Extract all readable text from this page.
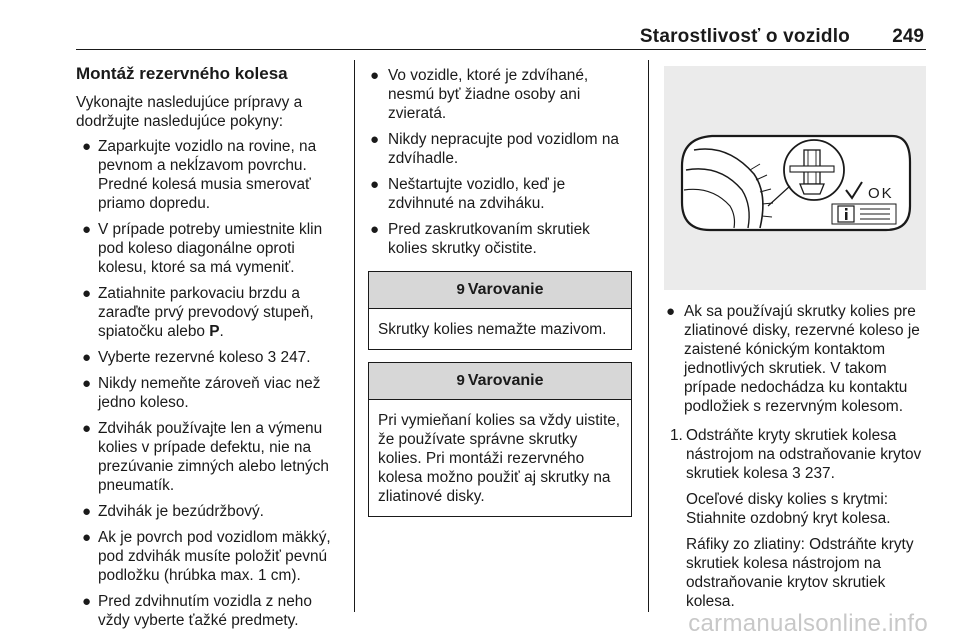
Starostlivosť o vozidlo 249
Montáž rezervného kolesa

Vykonajte nasledujúce prípravy a dodržujte nasledujúce pokyny:

● Zaparkujte vozidlo na rovine, na pevnom a nekĺzavom povrchu. Predné kolesá musia smerovať priamo dopredu.
● V prípade potreby umiestnite klin pod koleso diagonálne oproti kolesu, ktoré sa má vymeniť.
● Zatiahnite parkovaciu brzdu a zaraďte prvý prevodový stupeň, spiatočku alebo P.
● Vyberte rezervné koleso 3 247.
● Nikdy nemeňte zároveň viac než jedno koleso.
● Zdvihák používajte len a výmenu kolies v prípade defektu, nie na prezúvanie zimných alebo letných pneumatík.
● Zdvihák je bezúdržbový.
● Ak je povrch pod vozidlom mäkký, pod zdvihák musíte položiť pevnú podložku (hrúbka max. 1 cm).
● Pred zdvihnutím vozidla z neho vždy vyberte ťažké predmety.
● Vo vozidle, ktoré je zdvíhané, nesmú byť žiadne osoby ani zvieratá.
● Nikdy nepracujte pod vozidlom na zdvíhadle.
● Neštartujte vozidlo, keď je zdvihnuté na zdviháku.
● Pred zaskrutkovaním skrutiek kolies skrutky očistite.
9 Varovanie
Skrutky kolies nemažte mazivom.
9 Varovanie
Pri vymieňaní kolies sa vždy uistite, že používate správne skrutky kolies. Pri montáži rezervného kolesa možno použiť aj skrutky na zliatinové disky.
OK
● Ak sa používajú skrutky kolies pre zliatinové disky, rezervné koleso je zaistené kónickým kontaktom jednotlivých skrutiek. V takom prípade nedochádza ku kontaktu podložiek s rezervným kolesom.
1. Odstráňte kryty skrutiek kolesa nástrojom na odstraňovanie krytov skrutiek kolesa 3 237.

Oceľové disky kolies s krytmi: Stiahnite ozdobný kryt kolesa.

Ráfiky zo zliatiny: Odstráňte kryty skrutiek kolesa nástrojom na odstraňovanie krytov skrutiek kolesa.

carmanualsonline.info
